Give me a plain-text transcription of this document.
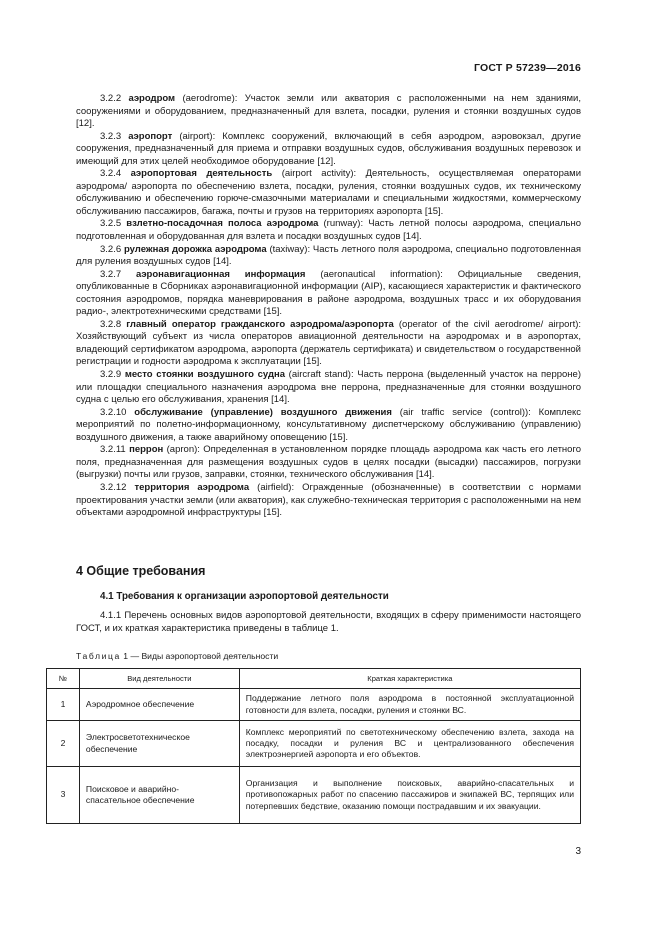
ГОСТ Р 57239—2016

3.2.2 аэродром (aerodrome): Участок земли или акватория с расположенными на нем зданиями, сооружениями и оборудованием, предназначенный для взлета, посадки, руления и стоянки воздушных судов [12].

3.2.3 аэропорт (airport): Комплекс сооружений, включающий в себя аэродром, аэровокзал, другие сооружения, предназначенный для приема и отправки воздушных судов, обслуживания воздушных перевозок и имеющий для этих целей необходимое оборудование [12].

3.2.4 аэропортовая деятельность (airport activity): Деятельность, осуществляемая операторами аэродрома/ аэропорта по обеспечению взлета, посадки, руления, стоянки воздушных судов, их техническому обслуживанию и обеспечению горюче-смазочными материалами и специальными жидкостями, коммерческому обслуживанию пассажиров, багажа, почты и грузов на территориях аэропорта [15].

3.2.5 взлетно-посадочная полоса аэродрома (runway): Часть летной полосы аэродрома, специально подготовленная и оборудованная для взлета и посадки воздушных судов [14].

3.2.6 рулежная дорожка аэродрома (taxiway): Часть летного поля аэродрома, специально подготовленная для руления воздушных судов [14].

3.2.7 аэронавигационная информация (aeronautical information): Официальные сведения, опубликованные в Сборниках аэронавигационной информации (AIP), касающиеся характеристик и фактического состояния аэродромов, порядка маневрирования в районе аэродрома, воздушных трасс и их оборудования радио-, электротехническими средствами [15].

3.2.8 главный оператор гражданского аэродрома/аэропорта (operator of the civil aerodrome/ airport): Хозяйствующий субъект из числа операторов авиационной деятельности на аэродромах и в аэропортах, владеющий сертификатом аэродрома, аэропорта (держатель сертификата) и свидетельством о государственной регистрации и годности аэродрома к эксплуатации [15].

3.2.9 место стоянки воздушного судна (aircraft stand): Часть перрона (выделенный участок на перроне) или площадки специального назначения аэродрома вне перрона, предназначенные для стоянки воздушного судна с целью его обслуживания, хранения [14].

3.2.10 обслуживание (управление) воздушного движения (air traffic service (control)): Комплекс мероприятий по полетно-информационному, консультативному диспетчерскому обслуживанию (управлению) воздушного движения, а также аварийному оповещению [15].

3.2.11 перрон (apron): Определенная в установленном порядке площадь аэродрома как часть его летного поля, предназначенная для размещения воздушных судов в целях посадки (высадки) пассажиров, погрузки (выгрузки) почты или грузов, заправки, стоянки, технического обслуживания [14].

3.2.12 территория аэродрома (airfield): Огражденные (обозначенные) в соответствии с нормами проектирования участки земли (или акватория), как служебно-техническая территория с расположенными на нем объектами аэродромной инфраструктуры [15].

4 Общие требования
4.1 Требования к организации аэропортовой деятельности

4.1.1 Перечень основных видов аэропортовой деятельности, входящих в сферу применимости настоящего ГОСТ, и их краткая характеристика приведены в таблице 1.

Таблица 1 — Виды аэропортовой деятельности
№	Вид деятельности	Краткая характеристика
1	Аэродромное обеспечение	Поддержание летного поля аэродрома в постоянной эксплуатационной готовности для взлета, посадки, руления и стоянки ВС.
2	Электросветотехническое обеспечение	Комплекс мероприятий по светотехническому обеспечению взлета, захода на посадку, посадки и руления ВС и централизованного обеспечения электроэнергией аэропорта и его объектов.
3	Поисковое и аварийно-спасательное обеспечение	Организация и выполнение поисковых, аварийно-спасательных и противопожарных работ по спасению пассажиров и экипажей ВС, терпящих или потерпевших бедствие, оказанию помощи пострадавшим и их эвакуации.
3
